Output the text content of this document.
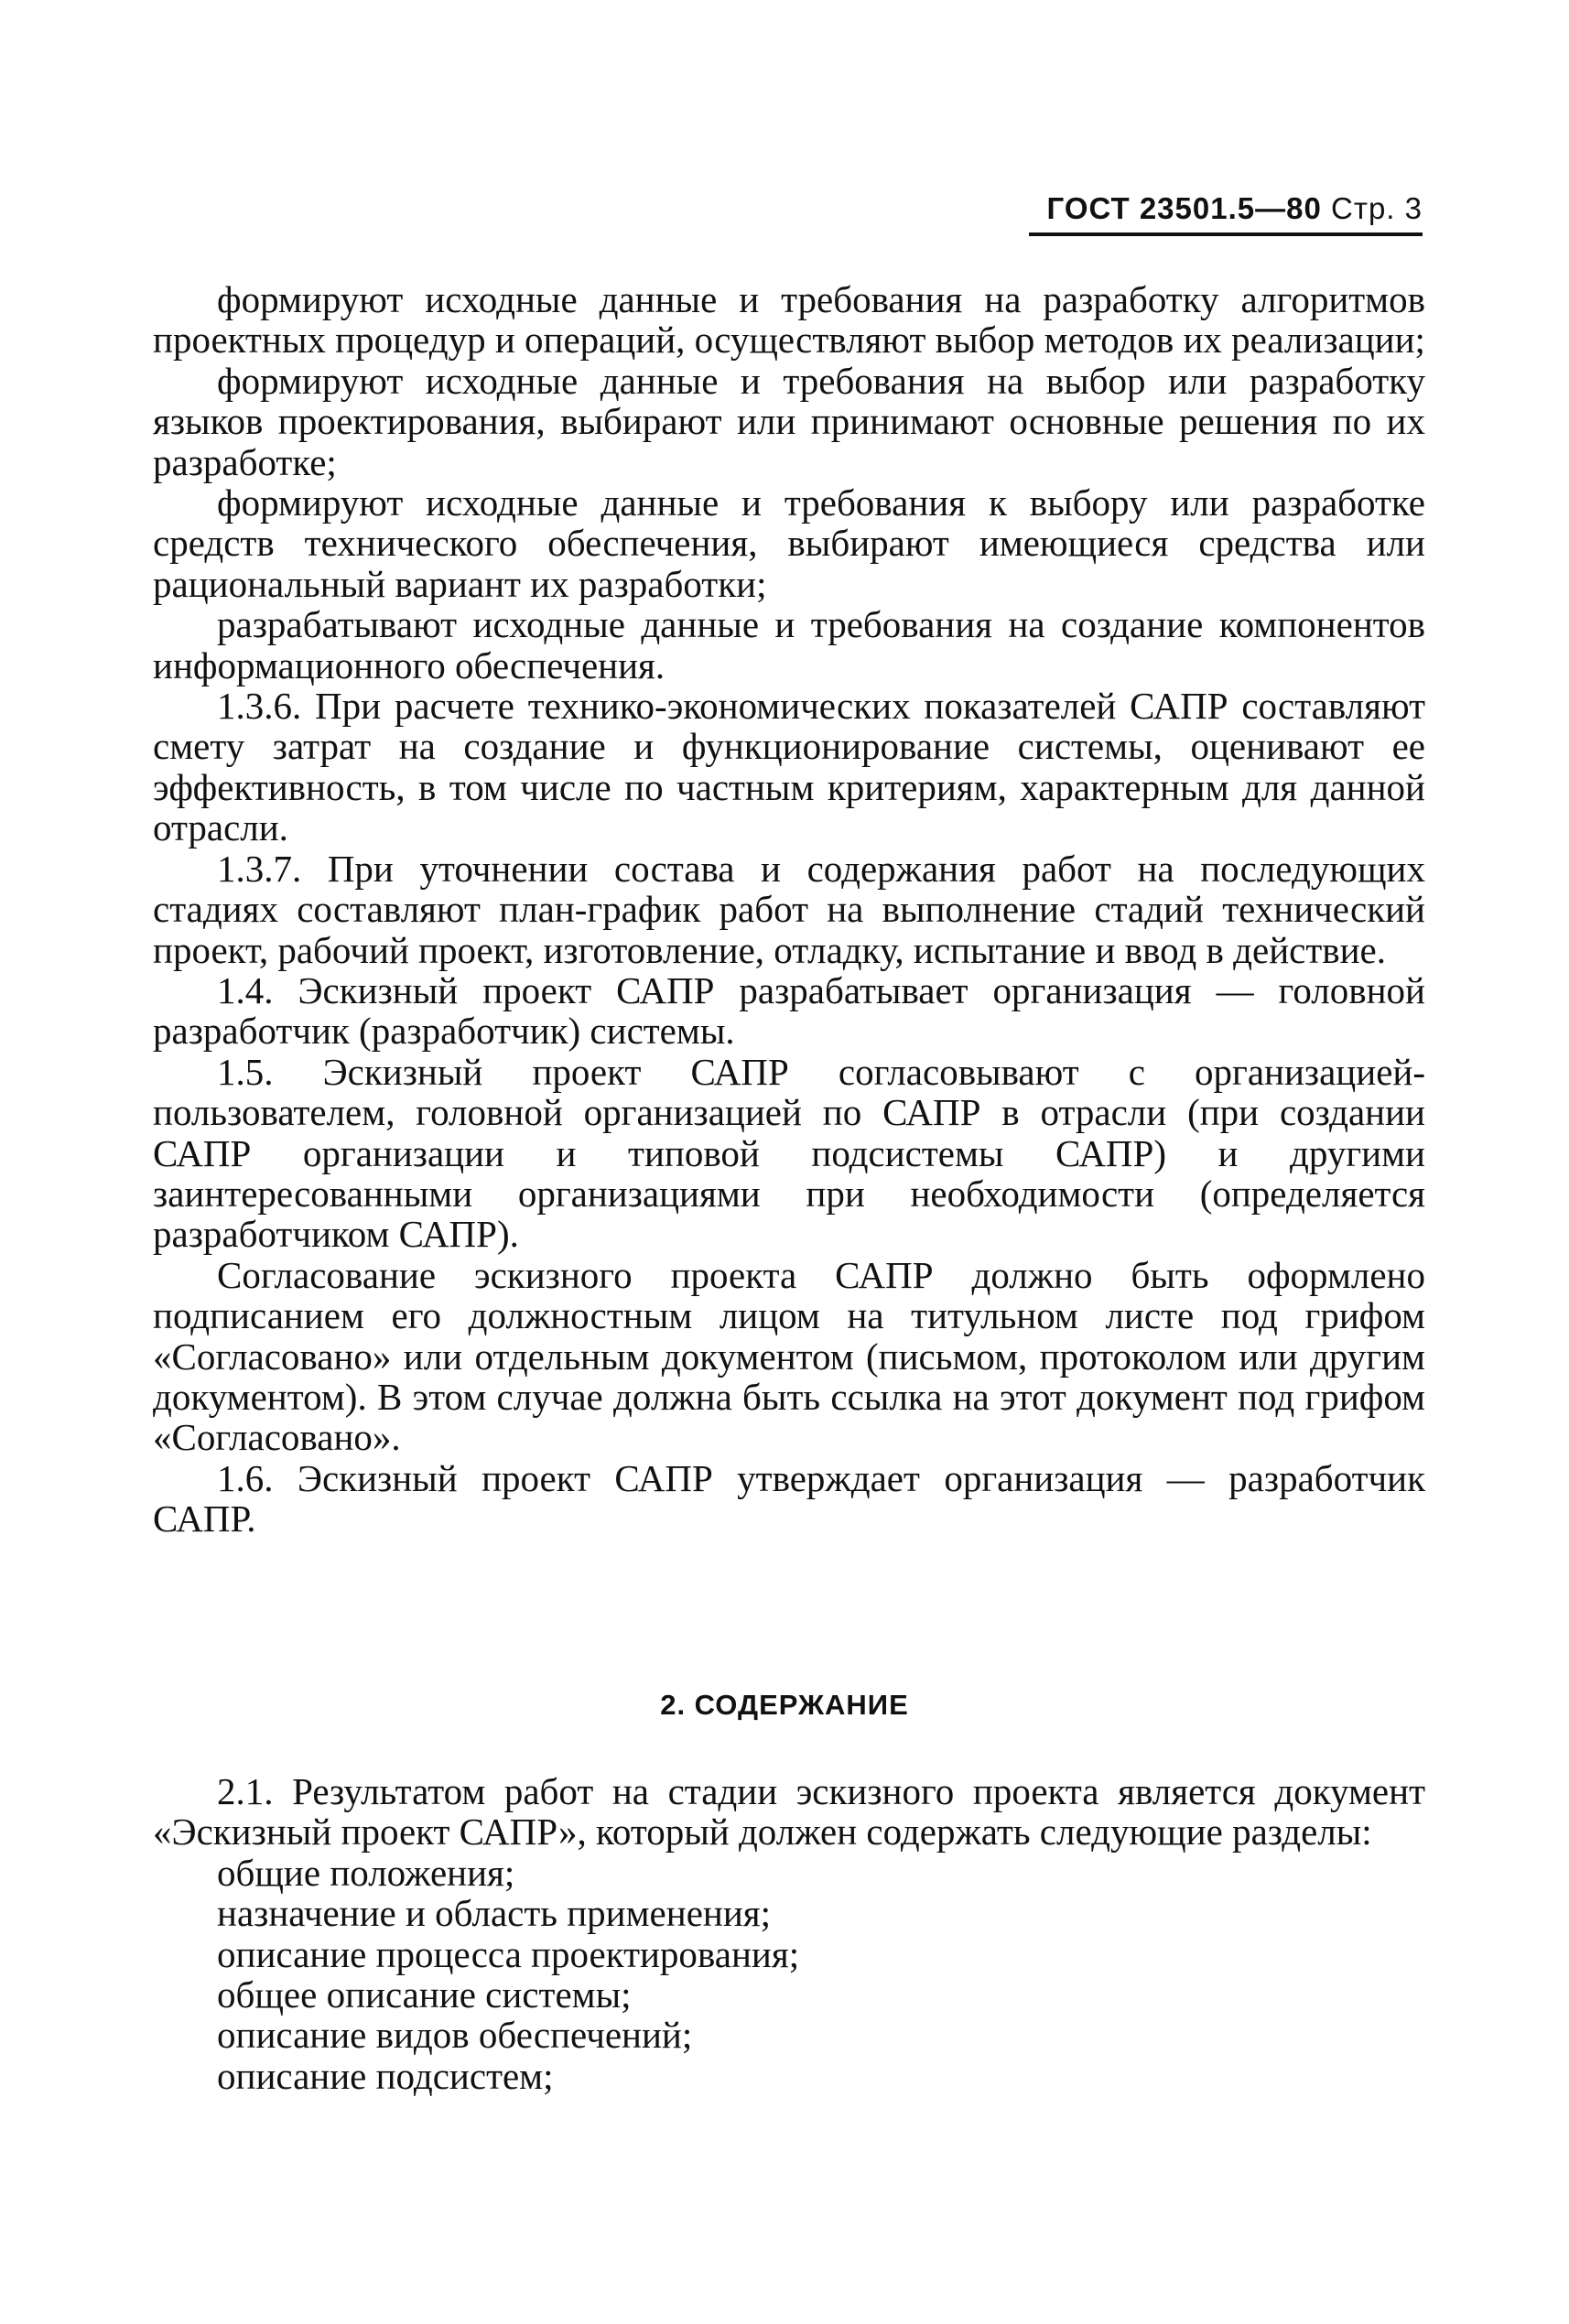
ГОСТ 23501.5—80 Стр. 3

формируют исходные данные и требования на разработку алгоритмов проектных процедур и операций, осуществляют выбор методов их реализации;

формируют исходные данные и требования на выбор или разработку языков проектирования, выбирают или принимают основные решения по их разработке;

формируют исходные данные и требования к выбору или разработке средств технического обеспечения, выбирают имеющиеся средства или рациональный вариант их разработки;

разрабатывают исходные данные и требования на создание компонентов информационного обеспечения.

1.3.6. При расчете технико-экономических показателей САПР составляют смету затрат на создание и функционирование системы, оценивают ее эффективность, в том числе по частным критериям, характерным для данной отрасли.

1.3.7. При уточнении состава и содержания работ на последующих стадиях составляют план-график работ на выполнение стадий технический проект, рабочий проект, изготовление, отладку, испытание и ввод в действие.

1.4. Эскизный проект САПР разрабатывает организация — головной разработчик (разработчик) системы.

1.5. Эскизный проект САПР согласовывают с организацией-пользователем, головной организацией по САПР в отрасли (при создании САПР организации и типовой подсистемы САПР) и другими заинтересованными организациями при необходимости (определяется разработчиком САПР).

Согласование эскизного проекта САПР должно быть оформлено подписанием его должностным лицом на титульном листе под грифом «Согласовано» или отдельным документом (письмом, протоколом или другим документом). В этом случае должна быть ссылка на этот документ под грифом «Согласовано».

1.6. Эскизный проект САПР утверждает организация — разработчик САПР.

2. СОДЕРЖАНИЕ

2.1. Результатом работ на стадии эскизного проекта является документ «Эскизный проект САПР», который должен содержать следующие разделы:

общие положения;
назначение и область применения;
описание процесса проектирования;
общее описание системы;
описание видов обеспечений;
описание подсистем;
